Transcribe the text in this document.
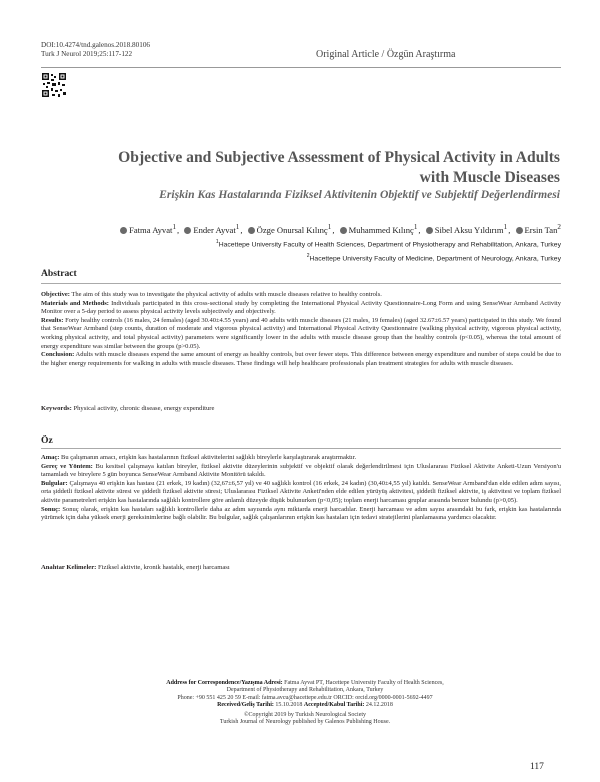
DOI:10.4274/tnd.galenos.2018.80106
Turk J Neurol 2019;25:117-122	Original Article / Özgün Araştırma
Objective and Subjective Assessment of Physical Activity in Adults
with Muscle Diseases
Erişkin Kas Hastalarında Fiziksel Aktivitenin Objektif ve Subjektif Değerlendirmesi
Fatma Ayvat$^1$, Ender Ayvat$^1$, Özge Onursal Kılınç$^1$, Muhammed Kılınç$^1$, Sibel Aksu Yıldırım$^1$, Ersin Tan$^2$
$^1$Hacettepe University Faculty of Health Sciences, Department of Physiotherapy and Rehabilitation, Ankara, Turkey
$^2$Hacettepe University Faculty of Medicine, Department of Neurology, Ankara, Turkey
Abstract
Objective: The aim of this study was to investigate the physical activity of adults with muscle diseases relative to healthy controls.
Materials and Methods: Individuals participated in this cross-sectional study by completing the International Physical Activity Questionnaire-Long Form and using SenseWear Armband Activity Monitor over a 5-day period to assess physical activity levels subjectively and objectively.
Results: Forty healthy controls (16 males, 24 females) (aged 30.40±4.55 years) and 40 adults with muscle diseases (21 males, 19 females) (aged 32.67±6.57 years) participated in this study. We found that SenseWear Armband (step counts, duration of moderate and vigorous physical activity) and International Physical Activity Questionnaire (walking physical activity, vigorous physical activity, working physical activity, and total physical activity) parameters were significantly lower in the adults with muscle disease group than the healthy controls (p<0.05), whereas the total amount of energy expenditure was similar between the groups (p>0.05).
Conclusion: Adults with muscle diseases expend the same amount of energy as healthy controls, but over fewer steps. This difference between energy expenditure and number of steps could be due to the higher energy requirements for walking in adults with muscle diseases. These findings will help healthcare professionals plan treatment strategies for adults with muscle diseases.
Keywords: Physical activity, chronic disease, energy expenditure
Öz
Amaç: Bu çalışmanın amacı, erişkin kas hastalarının fiziksel aktivitelerini sağlıklı bireylerle karşılaştırarak araştırmaktır.
Gereç ve Yöntem: Bu kesitsel çalışmaya katılan bireyler, fiziksel aktivite düzeylerinin subjektif ve objektif olarak değerlendirilmesi için Uluslararası Fiziksel Aktivite Anketi-Uzun Versiyon'u tamamladı ve bireylere 5 gün boyunca SenseWear Armband Aktivite Monitörü takıldı.
Bulgular: Çalışmaya 40 erişkin kas hastası (21 erkek, 19 kadın) (32,67±6,57 yıl) ve 40 sağlıklı kontrol (16 erkek, 24 kadın) (30,40±4,55 yıl) katıldı. SenseWear Armband'dan elde edilen adım sayısı, orta şiddetli fiziksel aktivite süresi ve şiddetli fiziksel aktivite süresi; Uluslararası Fiziksel Aktivite Anketi'nden elde edilen yürüyüş aktivitesi, şiddetli fiziksel aktivite, iş aktivitesi ve toplam fiziksel aktivite parametreleri erişkin kas hastalarında sağlıklı kontrollere göre anlamlı düzeyde düşük bulunurken (p<0,05); toplam enerji harcaması gruplar arasında benzer bulundu (p>0,05).
Sonuç: Sonuç olarak, erişkin kas hastaları sağlıklı kontrollerle daha az adım sayısında aynı miktarda enerji harcadılar. Enerji harcaması ve adım sayısı arasındaki bu fark, erişkin kas hastalarında yürümek için daha yüksek enerji gereksinimlerine bağlı olabilir. Bu bulgular, sağlık çalışanlarının erişkin kas hastaları için tedavi stratejilerini planlamasına yardımcı olacaktır.
Anahtar Kelimeler: Fiziksel aktivite, kronik hastalık, enerji harcaması
Address for Correspondence/Yazışma Adresi: Fatma Ayvat PT, Hacettepe University Faculty of Health Sciences,
Department of Physiotherapy and Rehabilitation, Ankara, Turkey
Phone: +90 551 425 20 59 E-mail: fatma.avcu@hacettepe.edu.tr ORCID: orcid.org/0000-0001-5692-4497
Received/Geliş Tarihi: 15.10.2018 Accepted/Kabul Tarihi: 24.12.2018
©Copyright 2019 by Turkish Neurological Society
Turkish Journal of Neurology published by Galenos Publishing House.
117
